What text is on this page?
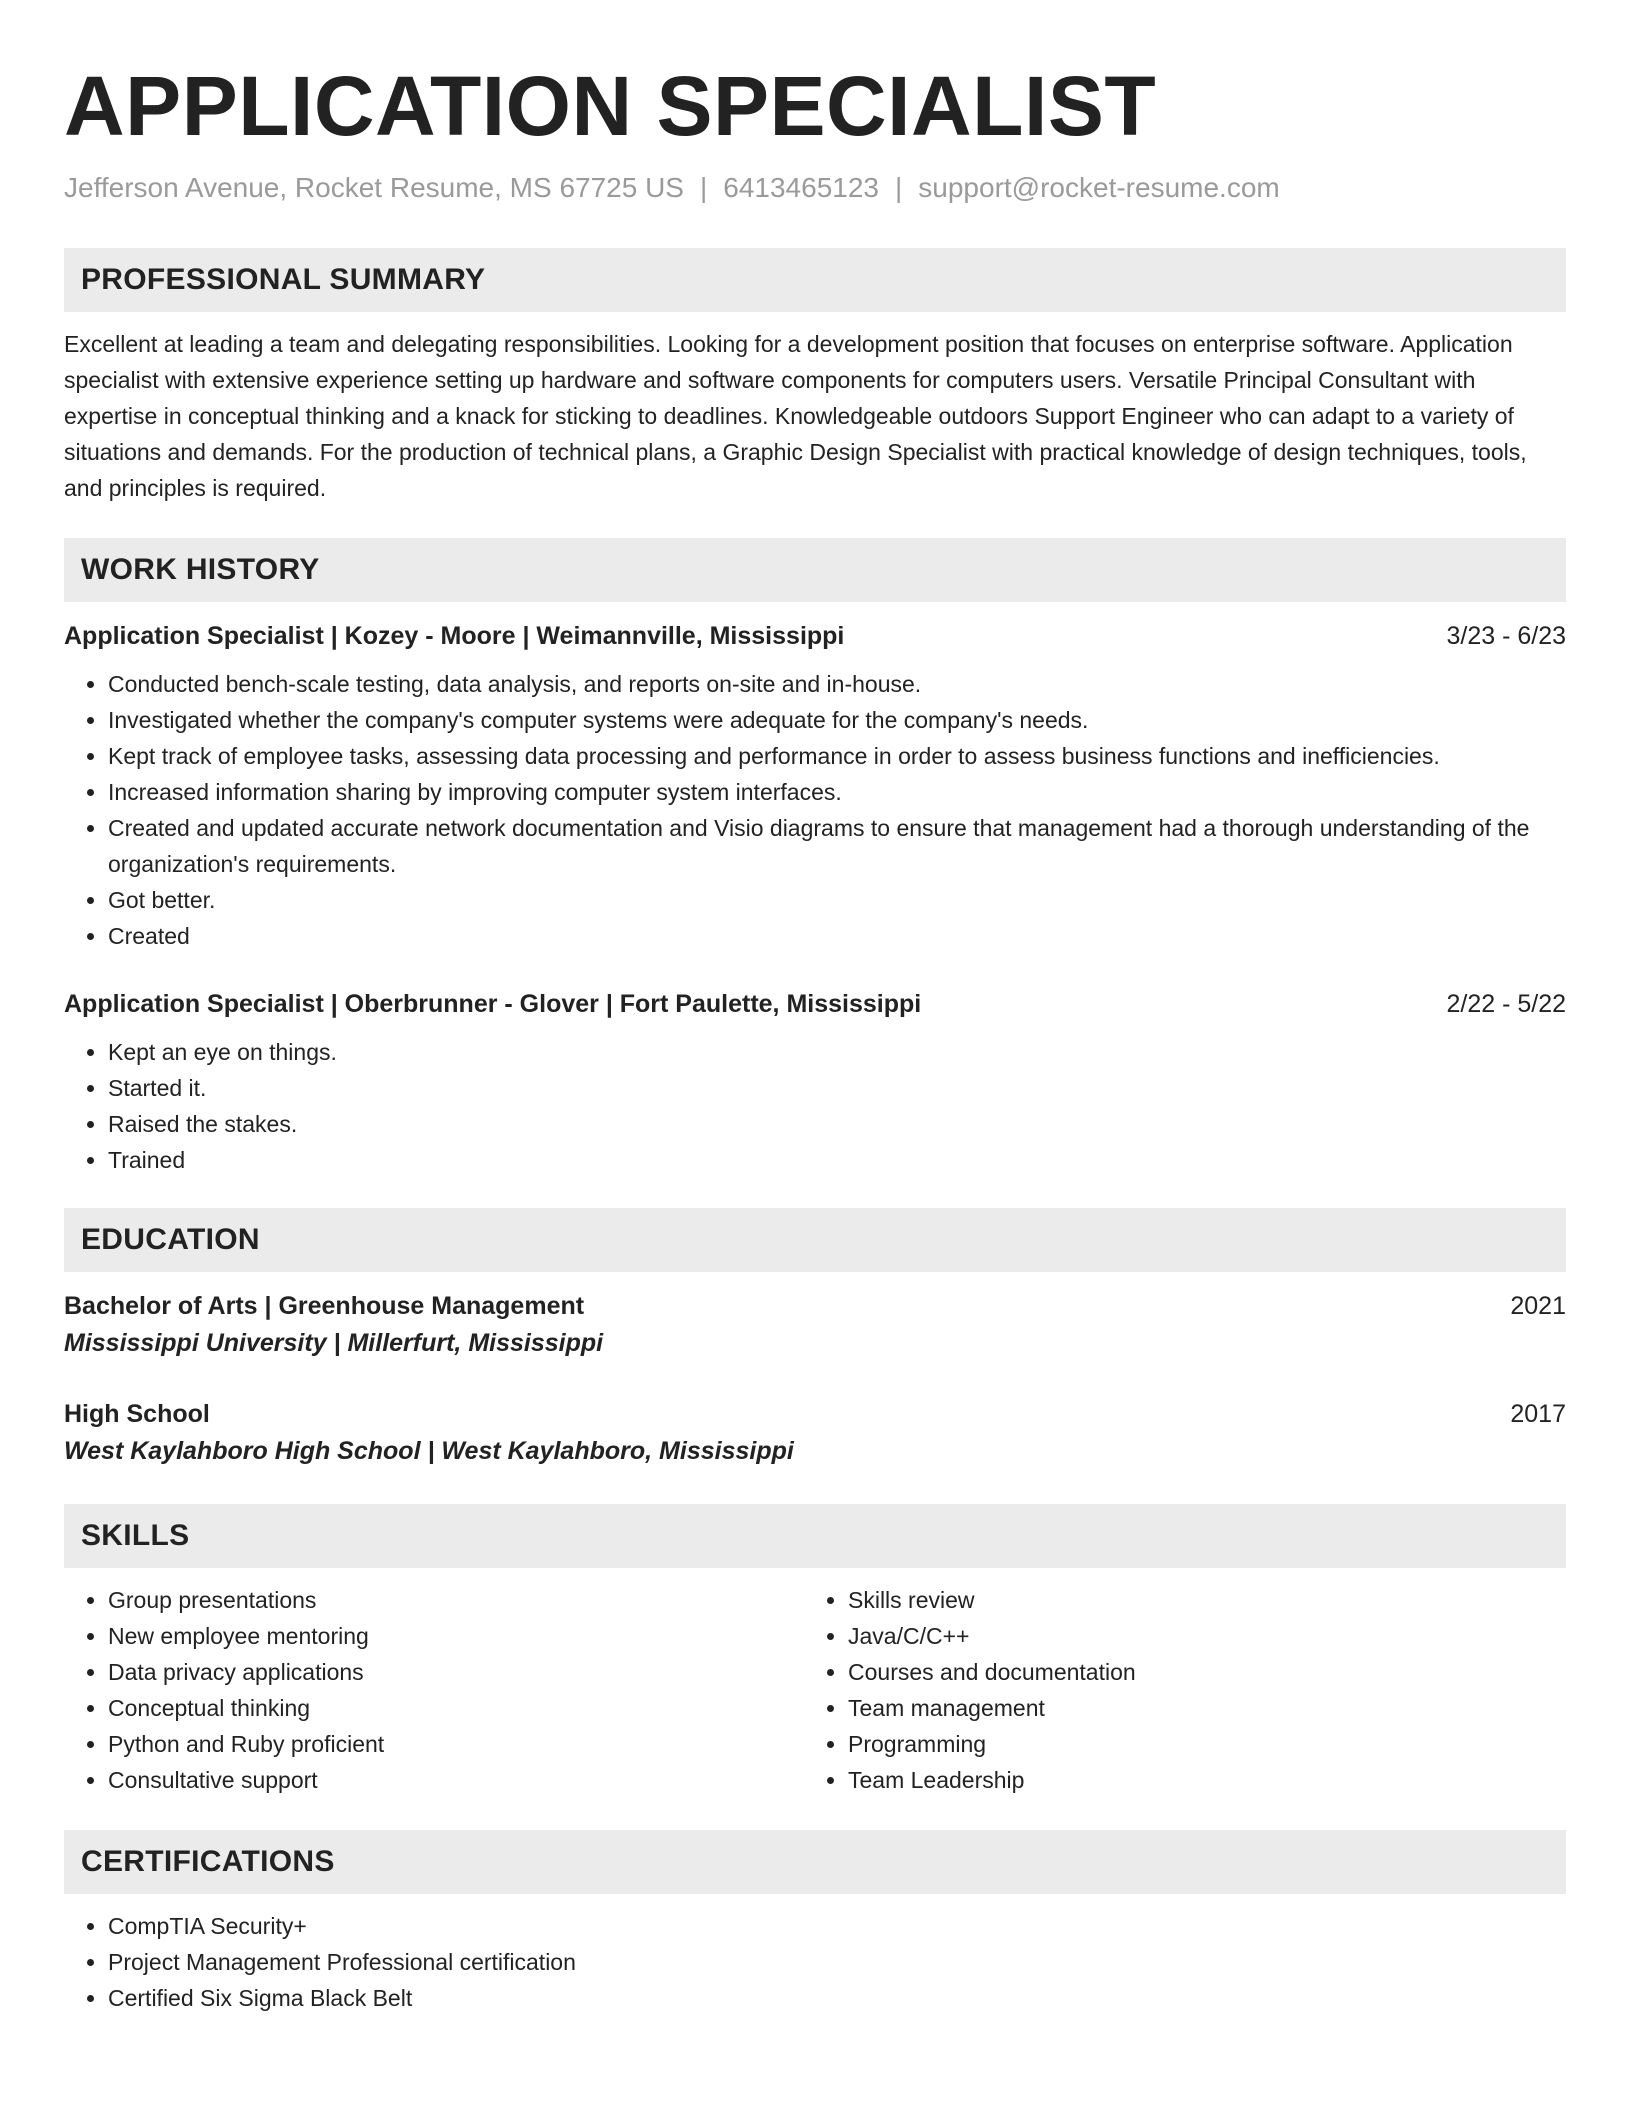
APPLICATION SPECIALIST
Jefferson Avenue, Rocket Resume, MS 67725 US | 6413465123 | support@rocket-resume.com
PROFESSIONAL SUMMARY
Excellent at leading a team and delegating responsibilities. Looking for a development position that focuses on enterprise software. Application specialist with extensive experience setting up hardware and software components for computers users. Versatile Principal Consultant with expertise in conceptual thinking and a knack for sticking to deadlines. Knowledgeable outdoors Support Engineer who can adapt to a variety of situations and demands. For the production of technical plans, a Graphic Design Specialist with practical knowledge of design techniques, tools, and principles is required.
WORK HISTORY
Application Specialist | Kozey - Moore | Weimannville, Mississippi	3/23 - 6/23
• Conducted bench-scale testing, data analysis, and reports on-site and in-house.
• Investigated whether the company's computer systems were adequate for the company's needs.
• Kept track of employee tasks, assessing data processing and performance in order to assess business functions and inefficiencies.
• Increased information sharing by improving computer system interfaces.
• Created and updated accurate network documentation and Visio diagrams to ensure that management had a thorough understanding of the organization's requirements.
• Got better.
• Created
Application Specialist | Oberbrunner - Glover | Fort Paulette, Mississippi	2/22 - 5/22
• Kept an eye on things.
• Started it.
• Raised the stakes.
• Trained
EDUCATION
Bachelor of Arts | Greenhouse Management	2021
Mississippi University | Millerfurt, Mississippi
High School	2017
West Kaylahboro High School | West Kaylahboro, Mississippi
SKILLS
• Group presentations
• New employee mentoring
• Data privacy applications
• Conceptual thinking
• Python and Ruby proficient
• Consultative support
• Skills review
• Java/C/C++
• Courses and documentation
• Team management
• Programming
• Team Leadership
CERTIFICATIONS
• CompTIA Security+
• Project Management Professional certification
• Certified Six Sigma Black Belt
